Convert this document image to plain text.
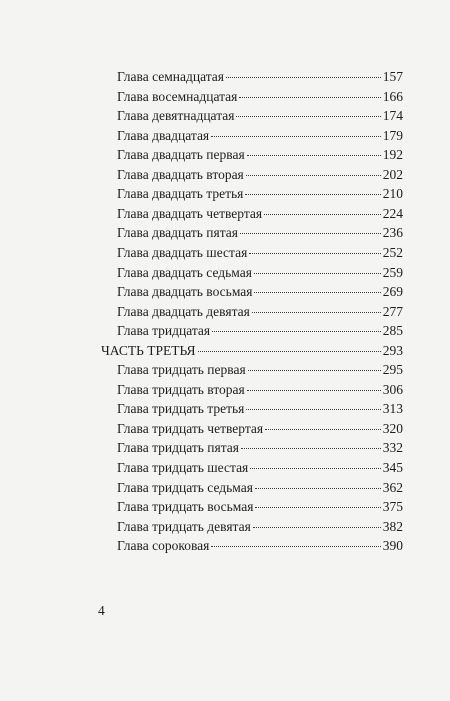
Глава семнадцатая	157
Глава восемнадцатая	166
Глава девятнадцатая	174
Глава двадцатая	179
Глава двадцать первая	192
Глава двадцать вторая	202
Глава двадцать третья	210
Глава двадцать четвертая	224
Глава двадцать пятая	236
Глава двадцать шестая	252
Глава двадцать седьмая	259
Глава двадцать восьмая	269
Глава двадцать девятая	277
Глава тридцатая	285
ЧАСТЬ ТРЕТЬЯ	293
Глава тридцать первая	295
Глава тридцать вторая	306
Глава тридцать третья	313
Глава тридцать четвертая	320
Глава тридцать пятая	332
Глава тридцать шестая	345
Глава тридцать седьмая	362
Глава тридцать восьмая	375
Глава тридцать девятая	382
Глава сороковая	390
4
